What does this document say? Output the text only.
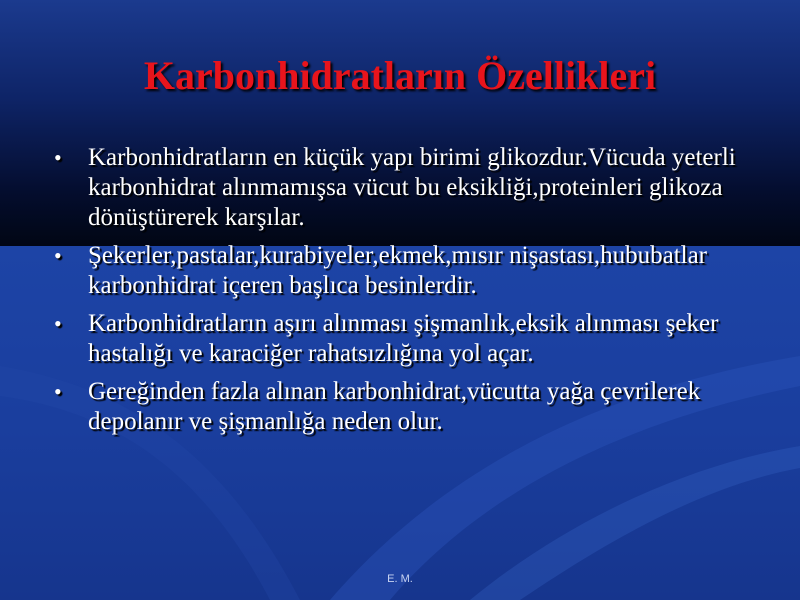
Karbonhidratların Özellikleri
• Karbonhidratların en küçük yapı birimi glikozdur.Vücuda yeterli karbonhidrat alınmamışsa vücut bu eksikliği,proteinleri glikoza dönüştürerek karşılar.
• Şekerler,pastalar,kurabiyeler,ekmek,mısır nişastası,hububatlar karbonhidrat içeren başlıca besinlerdir.
• Karbonhidratların aşırı alınması şişmanlık,eksik alınması şeker hastalığı ve karaciğer rahatsızlığına yol açar.
• Gereğinden fazla alınan karbonhidrat,vücutta yağa çevrilerek depolanır ve şişmanlığa neden olur.
E. M.
